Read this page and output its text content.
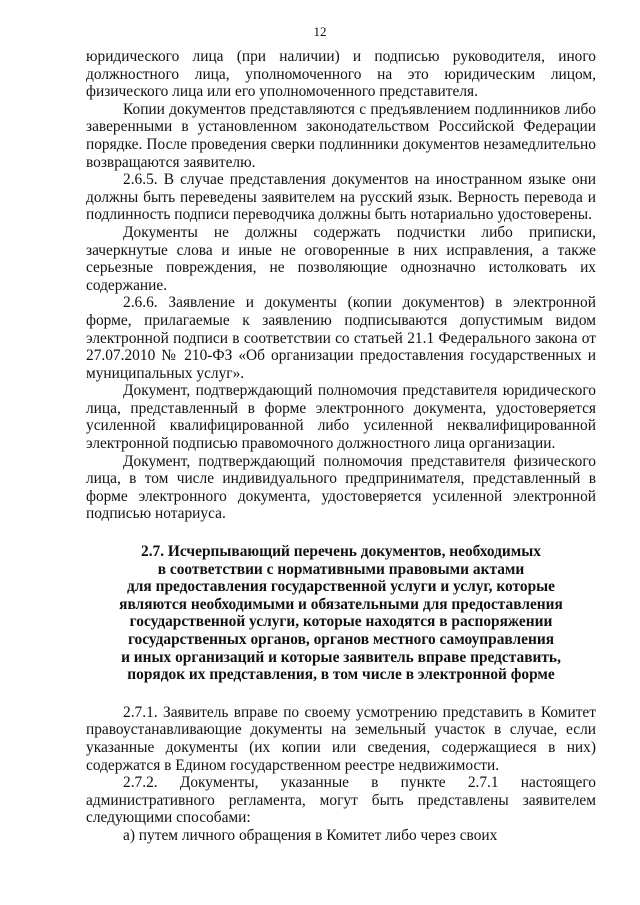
12

юридического лица (при наличии) и подписью руководителя, иного должностного лица, уполномоченного на это юридическим лицом, физического лица или его уполномоченного представителя.

Копии документов представляются с предъявлением подлинников либо заверенными в установленном законодательством Российской Федерации порядке. После проведения сверки подлинники документов незамедлительно возвращаются заявителю.

2.6.5. В случае представления документов на иностранном языке они должны быть переведены заявителем на русский язык. Верность перевода и подлинность подписи переводчика должны быть нотариально удостоверены.

Документы не должны содержать подчистки либо приписки, зачеркнутые слова и иные не оговоренные в них исправления, а также серьезные повреждения, не позволяющие однозначно истолковать их содержание.

2.6.6. Заявление и документы (копии документов) в электронной форме, прилагаемые к заявлению подписываются допустимым видом электронной подписи в соответствии со статьей 21.1 Федерального закона от 27.07.2010 № 210-ФЗ «Об организации предоставления государственных и муниципальных услуг».

Документ, подтверждающий полномочия представителя юридического лица, представленный в форме электронного документа, удостоверяется усиленной квалифицированной либо усиленной неквалифицированной электронной подписью правомочного должностного лица организации.

Документ, подтверждающий полномочия представителя физического лица, в том числе индивидуального предпринимателя, представленный в форме электронного документа, удостоверяется усиленной электронной подписью нотариуса.

2.7. Исчерпывающий перечень документов, необходимых
в соответствии с нормативными правовыми актами
для предоставления государственной услуги и услуг, которые
являются необходимыми и обязательными для предоставления
государственной услуги, которые находятся в распоряжении
государственных органов, органов местного самоуправления
и иных организаций и которые заявитель вправе представить,
порядок их представления, в том числе в электронной форме

2.7.1. Заявитель вправе по своему усмотрению представить в Комитет правоустанавливающие документы на земельный участок в случае, если указанные документы (их копии или сведения, содержащиеся в них) содержатся в Едином государственном реестре недвижимости.

2.7.2. Документы, указанные в пункте 2.7.1 настоящего административного регламента, могут быть представлены заявителем следующими способами:

а) путем личного обращения в Комитет либо через своих
